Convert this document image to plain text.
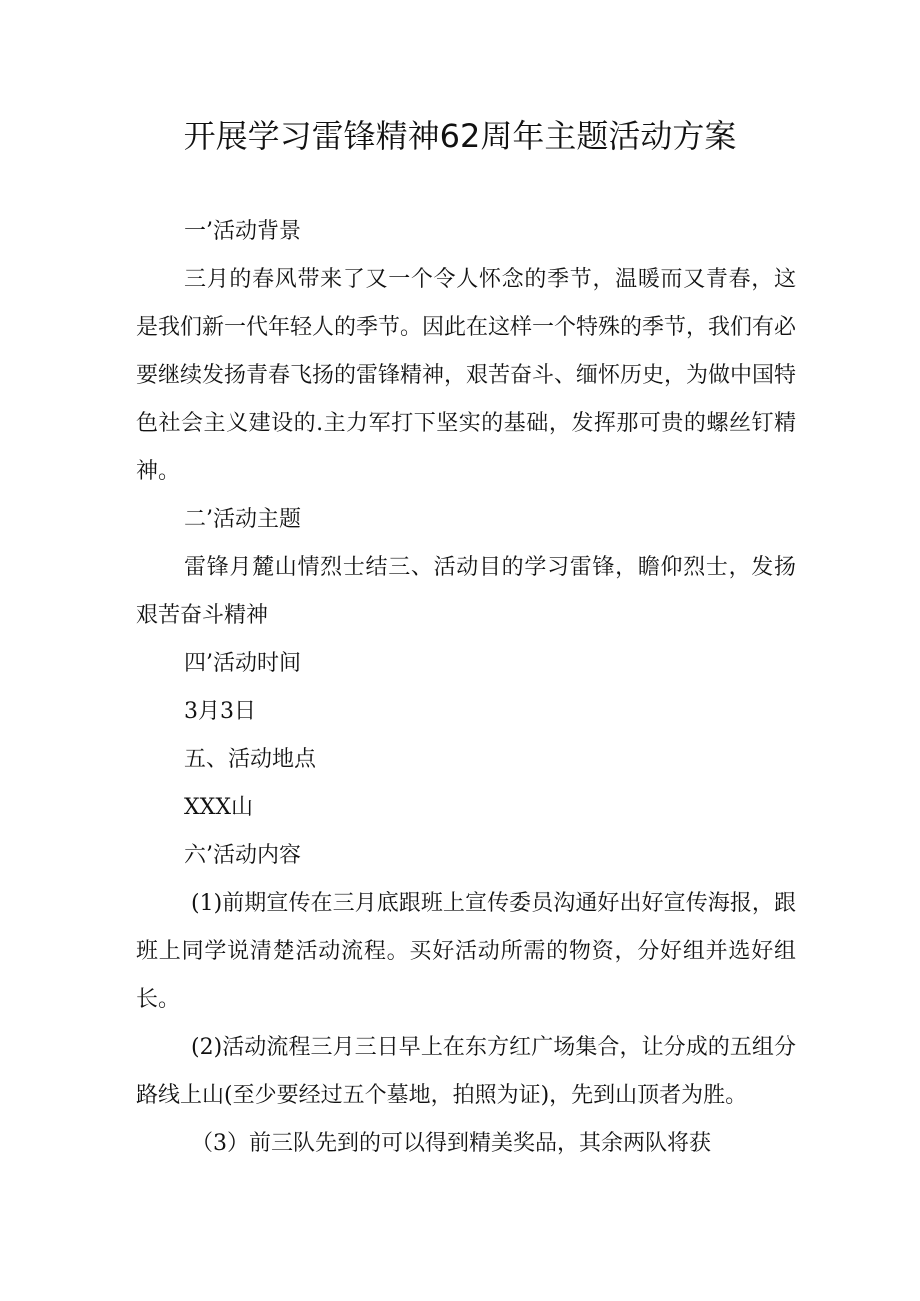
开展学习雷锋精神62周年主题活动方案

一’活动背景

三月的春风带来了又一个令人怀念的季节，温暖而又青春，这是我们新一代年轻人的季节。因此在这样一个特殊的季节，我们有必要继续发扬青春飞扬的雷锋精神，艰苦奋斗、缅怀历史，为做中国特色社会主义建设的.主力军打下坚实的基础，发挥那可贵的螺丝钉精神。

二’活动主题

雷锋月麓山情烈士结三、活动目的学习雷锋，瞻仰烈士，发扬艰苦奋斗精神

四’活动时间

3月3日

五、活动地点

XXX山

六’活动内容

(1)前期宣传在三月底跟班上宣传委员沟通好出好宣传海报，跟班上同学说清楚活动流程。买好活动所需的物资，分好组并选好组长。

(2)活动流程三月三日早上在东方红广场集合，让分成的五组分路线上山(至少要经过五个墓地，拍照为证)，先到山顶者为胜。

（3）前三队先到的可以得到精美奖品，其余两队将获
